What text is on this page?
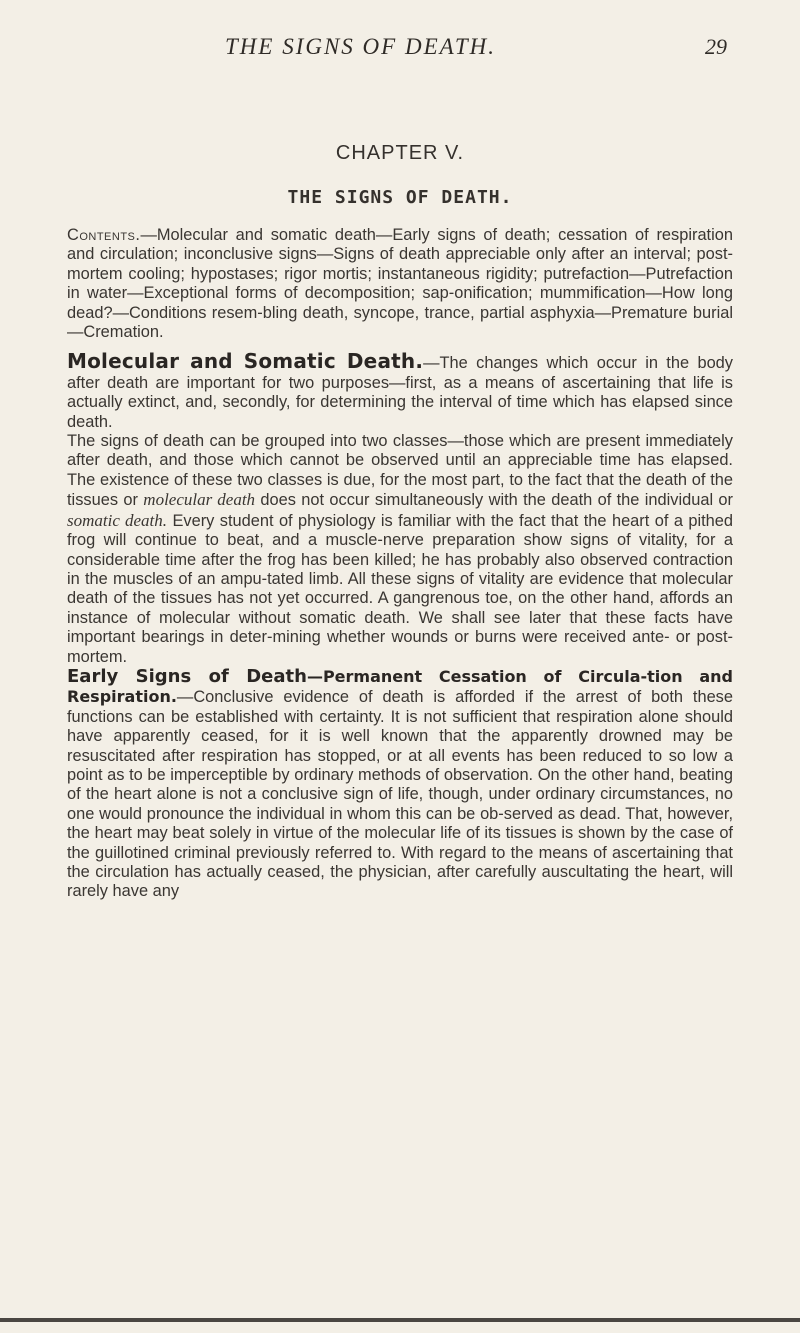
THE SIGNS OF DEATH.	29
CHAPTER V.
THE SIGNS OF DEATH.

Contents.—Molecular and somatic death—Early signs of death; cessation of respiration and circulation; inconclusive signs—Signs of death appreciable only after an interval; post-mortem cooling; hypostases; rigor mortis; instantaneous rigidity; putrefaction—Putrefaction in water—Exceptional forms of decomposition; sap-onification; mummification—How long dead?—Conditions resem-bling death, syncope, trance, partial asphyxia—Premature burial—Cremation.

Molecular and Somatic Death.—The changes which occur in the body after death are important for two purposes—first, as a means of ascertaining that life is actually extinct, and, secondly, for determining the interval of time which has elapsed since death.

The signs of death can be grouped into two classes—those which are present immediately after death, and those which cannot be observed until an appreciable time has elapsed. The existence of these two classes is due, for the most part, to the fact that the death of the tissues or molecular death does not occur simultaneously with the death of the individual or somatic death. Every student of physiology is familiar with the fact that the heart of a pithed frog will continue to beat, and a muscle-nerve preparation show signs of vitality, for a considerable time after the frog has been killed; he has probably also observed contraction in the muscles of an ampu-tated limb. All these signs of vitality are evidence that molecular death of the tissues has not yet occurred. A gangrenous toe, on the other hand, affords an instance of molecular without somatic death. We shall see later that these facts have important bearings in deter-mining whether wounds or burns were received ante- or post-mortem.

Early Signs of Death—Permanent Cessation of Circula-tion and Respiration.—Conclusive evidence of death is afforded if the arrest of both these functions can be established with certainty. It is not sufficient that respiration alone should have apparently ceased, for it is well known that the apparently drowned may be resuscitated after respiration has stopped, or at all events has been reduced to so low a point as to be imperceptible by ordinary methods of observation. On the other hand, beating of the heart alone is not a conclusive sign of life, though, under ordinary circumstances, no one would pronounce the individual in whom this can be ob-served as dead. That, however, the heart may beat solely in virtue of the molecular life of its tissues is shown by the case of the guillotined criminal previously referred to. With regard to the means of ascertaining that the circulation has actually ceased, the physician, after carefully auscultating the heart, will rarely have any
